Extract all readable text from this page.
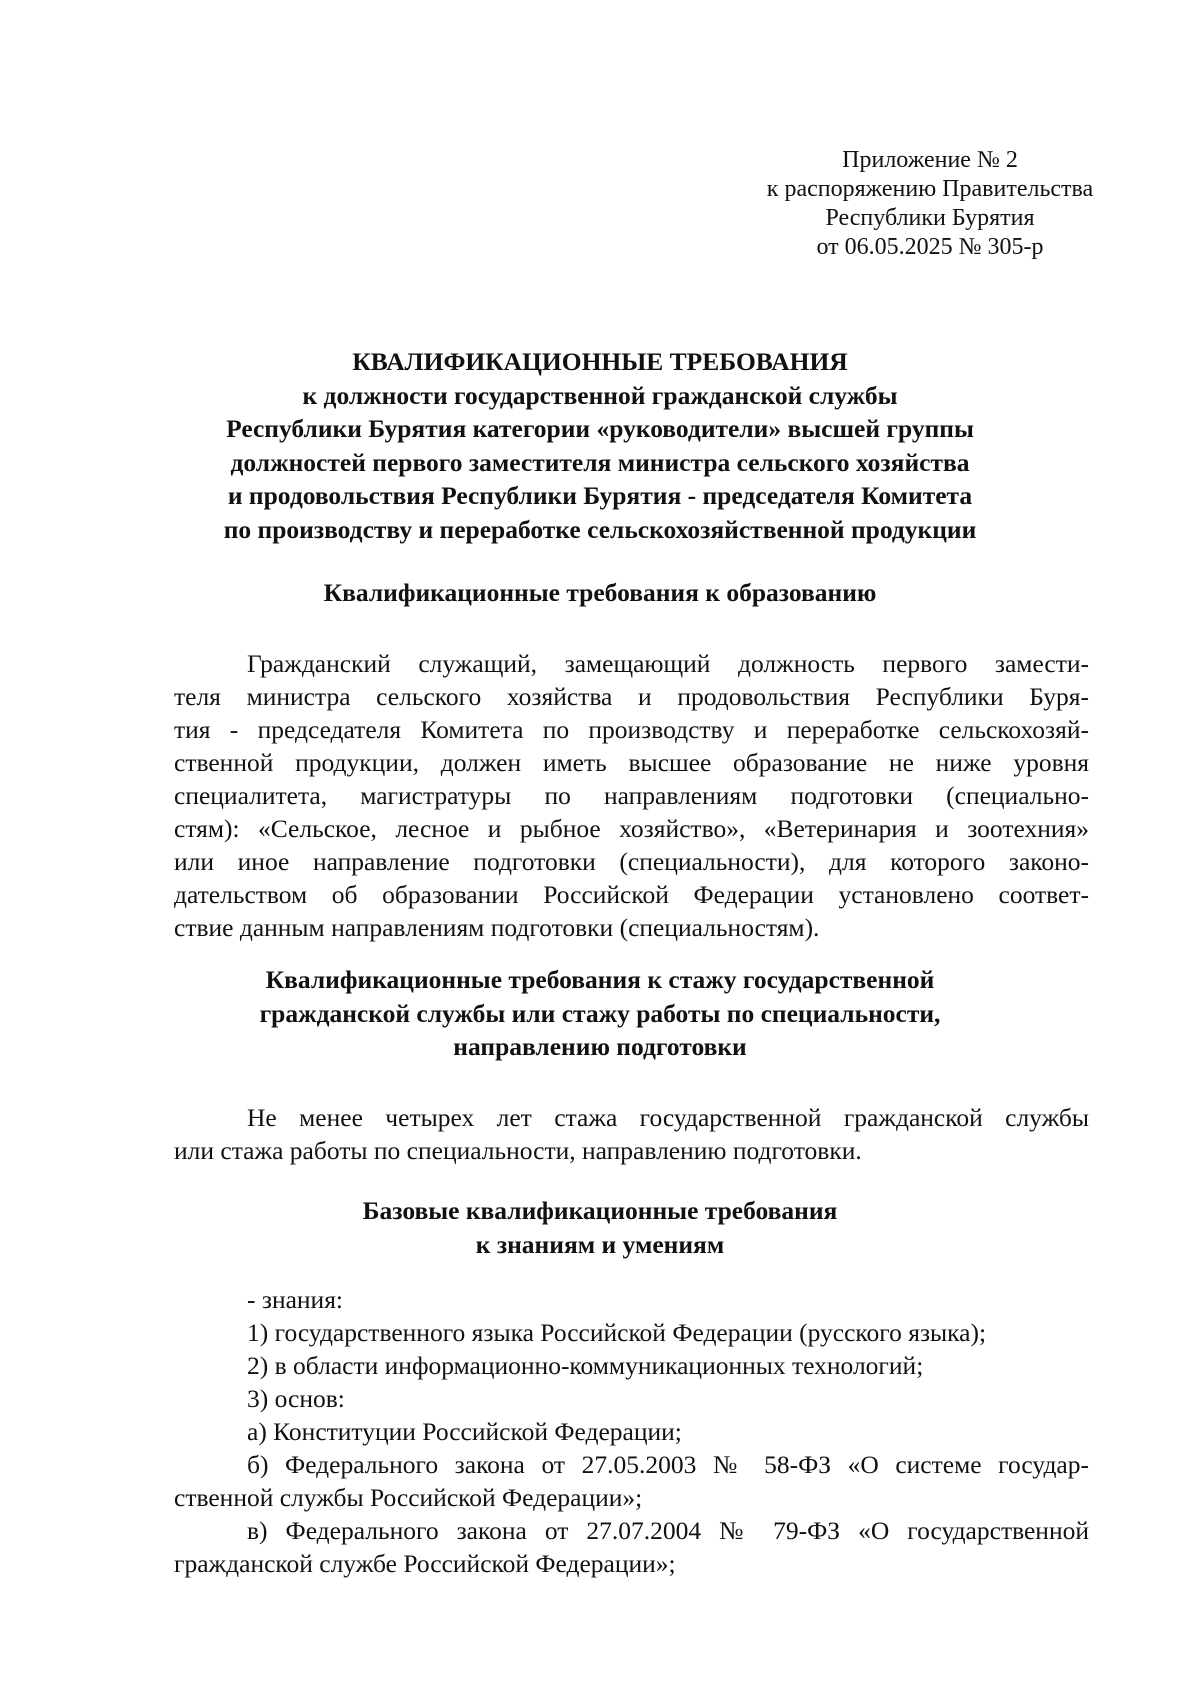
Приложение № 2
к распоряжению Правительства
Республики Бурятия
от 06.05.2025 № 305-р
КВАЛИФИКАЦИОННЫЕ ТРЕБОВАНИЯ
к должности государственной гражданской службы
Республики Бурятия категории «руководители» высшей группы
должностей первого заместителя министра сельского хозяйства
и продовольствия Республики Бурятия - председателя Комитета
по производству и переработке сельскохозяйственной продукции
Квалификационные требования к образованию
Гражданский служащий, замещающий должность первого замести-
теля министра сельского хозяйства и продовольствия Республики Буря-
тия - председателя Комитета по производству и переработке сельскохозяй-
ственной продукции, должен иметь высшее образование не ниже уровня
специалитета, магистратуры по направлениям подготовки (специально-
стям): «Сельское, лесное и рыбное хозяйство», «Ветеринария и зоотехния»
или иное направление подготовки (специальности), для которого законо-
дательством об образовании Российской Федерации установлено соответ-
ствие данным направлениям подготовки (специальностям).
Квалификационные требования к стажу государственной
гражданской службы или стажу работы по специальности,
направлению подготовки
Не менее четырех лет стажа государственной гражданской службы
или стажа работы по специальности, направлению подготовки.
Базовые квалификационные требования
к знаниям и умениям
- знания:
1) государственного языка Российской Федерации (русского языка);
2) в области информационно-коммуникационных технологий;
3) основ:
а) Конституции Российской Федерации;
б) Федерального закона от 27.05.2003 № 58-ФЗ «О системе государ-
ственной службы Российской Федерации»;
в) Федерального закона от 27.07.2004 № 79-ФЗ «О государственной
гражданской службе Российской Федерации»;
